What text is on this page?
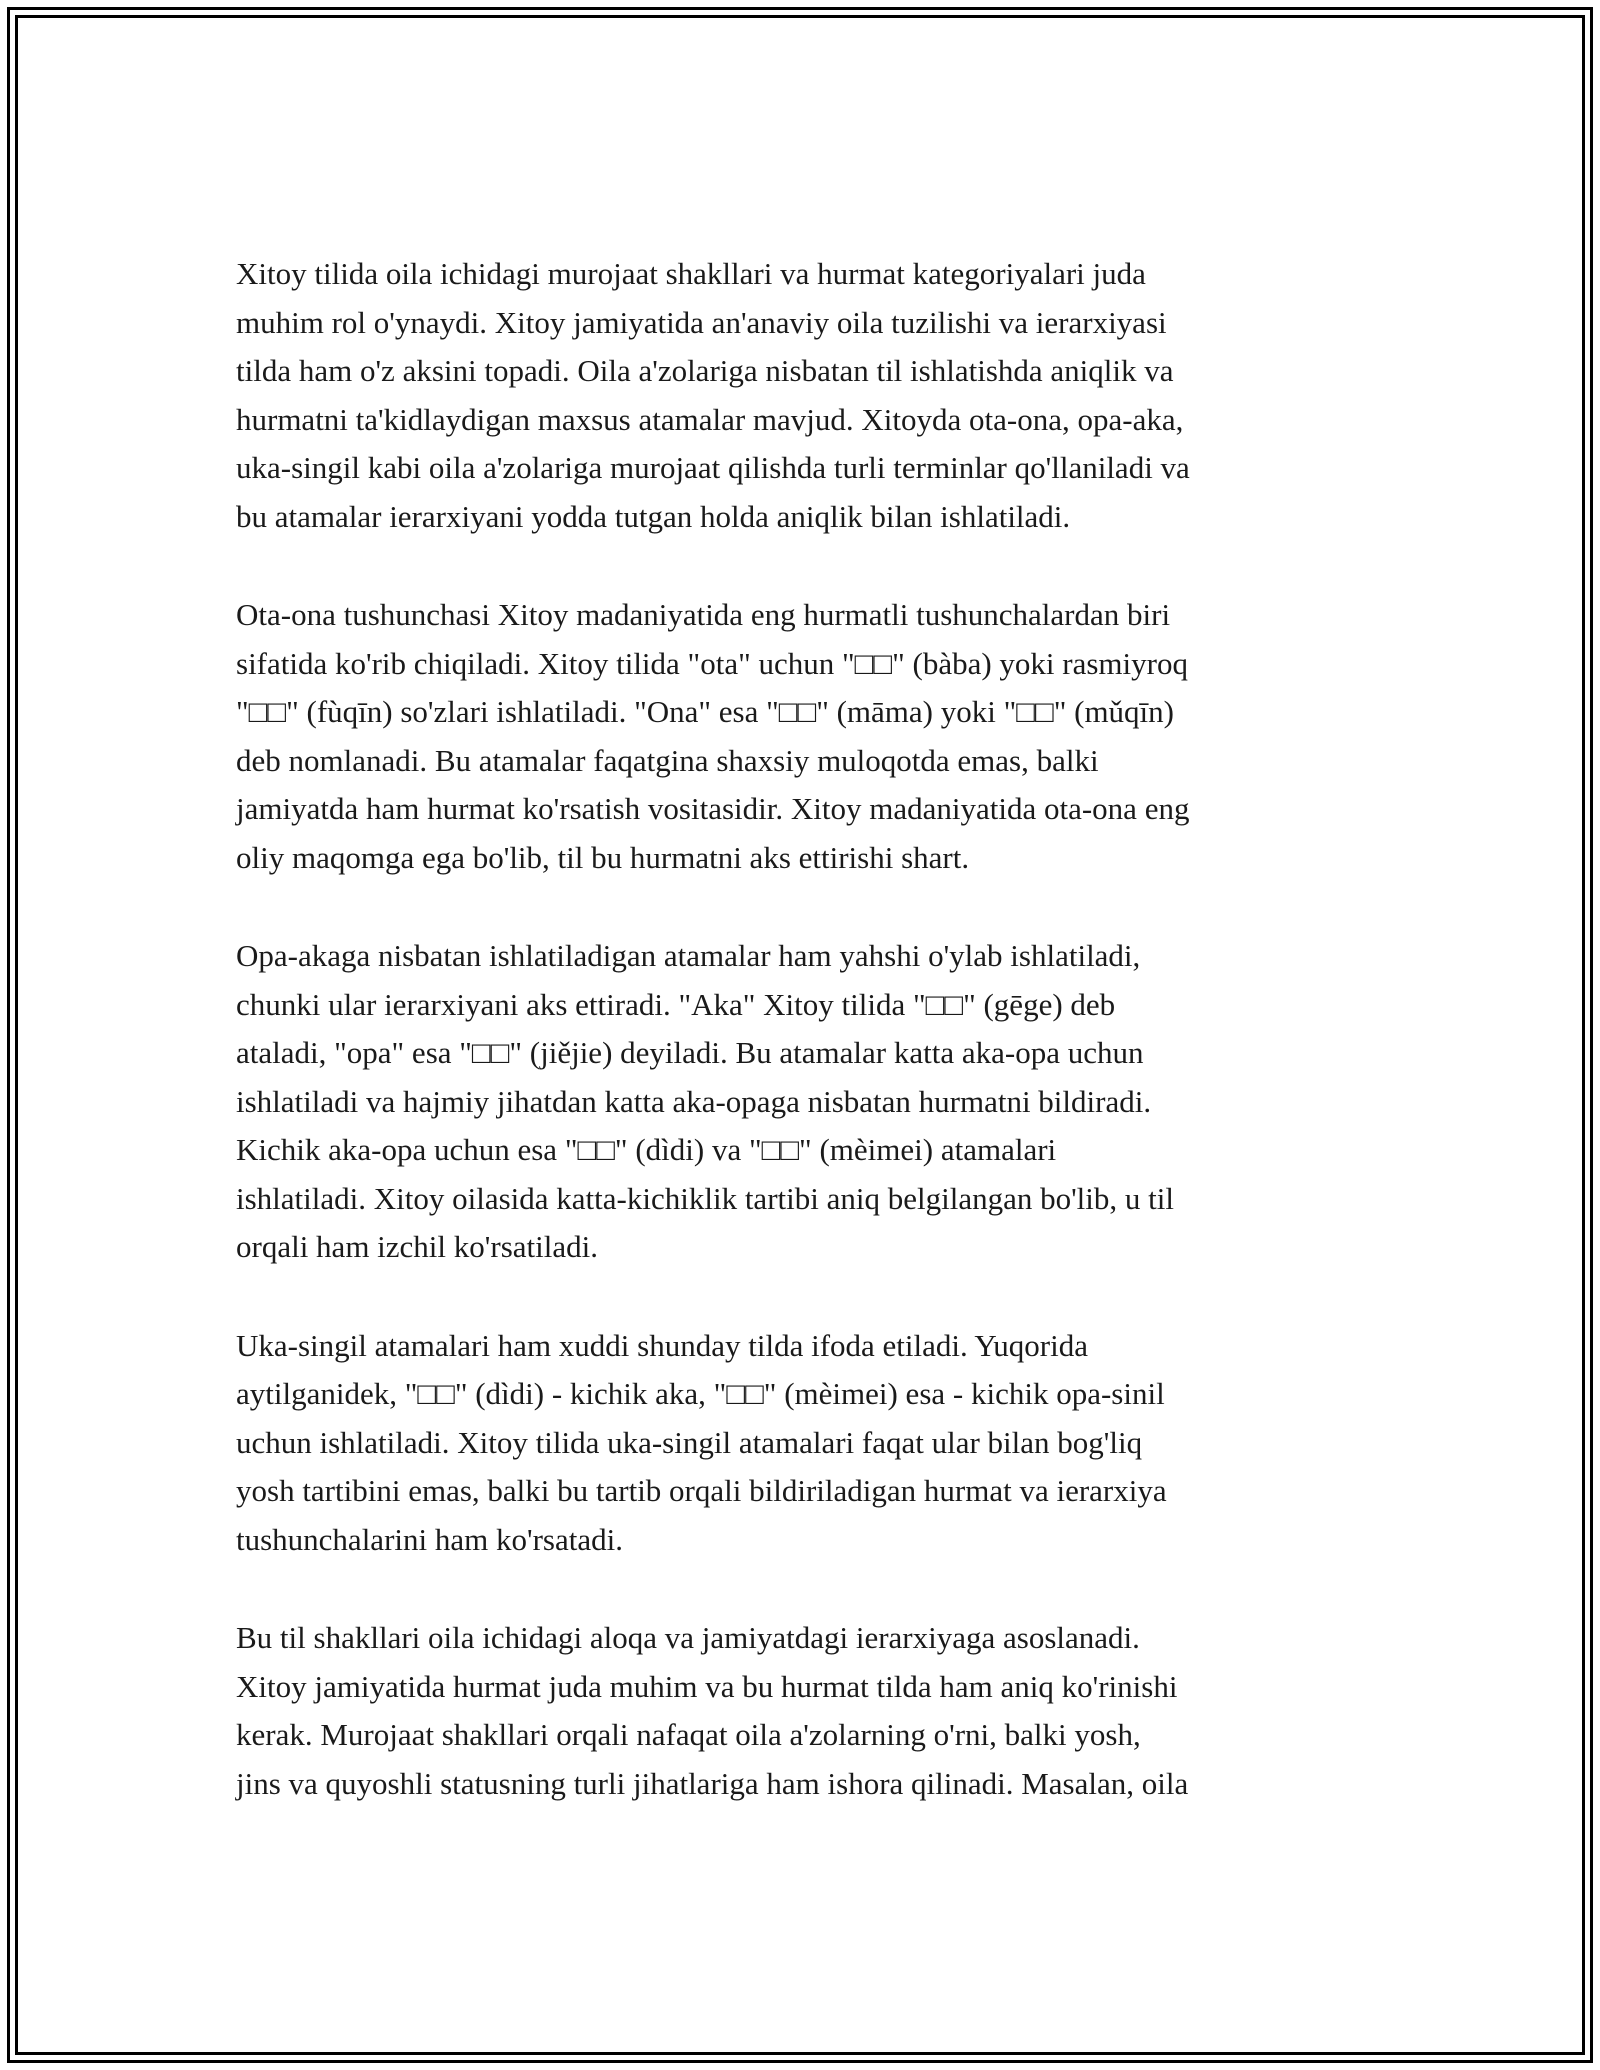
Xitoy tilida oila ichidagi murojaat shakllari va hurmat kategoriyalari juda
muhim rol o'ynaydi. Xitoy jamiyatida an'anaviy oila tuzilishi va ierarxiyasi
tilda ham o'z aksini topadi. Oila a'zolariga nisbatan til ishlatishda aniqlik va
hurmatni ta'kidlaydigan maxsus atamalar mavjud. Xitoyda ota-ona, opa-aka,
uka-singil kabi oila a'zolariga murojaat qilishda turli terminlar qo'llaniladi va
bu atamalar ierarxiyani yodda tutgan holda aniqlik bilan ishlatiladi.

Ota-ona tushunchasi Xitoy madaniyatida eng hurmatli tushunchalardan biri
sifatida ko'rib chiqiladi. Xitoy tilida "ota" uchun "□□" (bàba) yoki rasmiyroq
"□□" (fùqīn) so'zlari ishlatiladi. "Ona" esa "□□" (māma) yoki "□□" (mǔqīn)
deb nomlanadi. Bu atamalar faqatgina shaxsiy muloqotda emas, balki
jamiyatda ham hurmat ko'rsatish vositasidir. Xitoy madaniyatida ota-ona eng
oliy maqomga ega bo'lib, til bu hurmatni aks ettirishi shart.

Opa-akaga nisbatan ishlatiladigan atamalar ham yahshi o'ylab ishlatiladi,
chunki ular ierarxiyani aks ettiradi. "Aka" Xitoy tilida "□□" (gēge) deb
ataladi, "opa" esa "□□" (jiějie) deyiladi. Bu atamalar katta aka-opa uchun
ishlatiladi va hajmiy jihatdan katta aka-opaga nisbatan hurmatni bildiradi.
Kichik aka-opa uchun esa "□□" (dìdi) va "□□" (mèimei) atamalari
ishlatiladi. Xitoy oilasida katta-kichiklik tartibi aniq belgilangan bo'lib, u til
orqali ham izchil ko'rsatiladi.

Uka-singil atamalari ham xuddi shunday tilda ifoda etiladi. Yuqorida
aytilganidek, "□□" (dìdi) - kichik aka, "□□" (mèimei) esa - kichik opa-sinil
uchun ishlatiladi. Xitoy tilida uka-singil atamalari faqat ular bilan bog'liq
yosh tartibini emas, balki bu tartib orqali bildiriladigan hurmat va ierarxiya
tushunchalarini ham ko'rsatadi.

Bu til shakllari oila ichidagi aloqa va jamiyatdagi ierarxiyaga asoslanadi.
Xitoy jamiyatida hurmat juda muhim va bu hurmat tilda ham aniq ko'rinishi
kerak. Murojaat shakllari orqali nafaqat oila a'zolarning o'rni, balki yosh,
jins va quyoshli statusning turli jihatlariga ham ishora qilinadi. Masalan, oila
